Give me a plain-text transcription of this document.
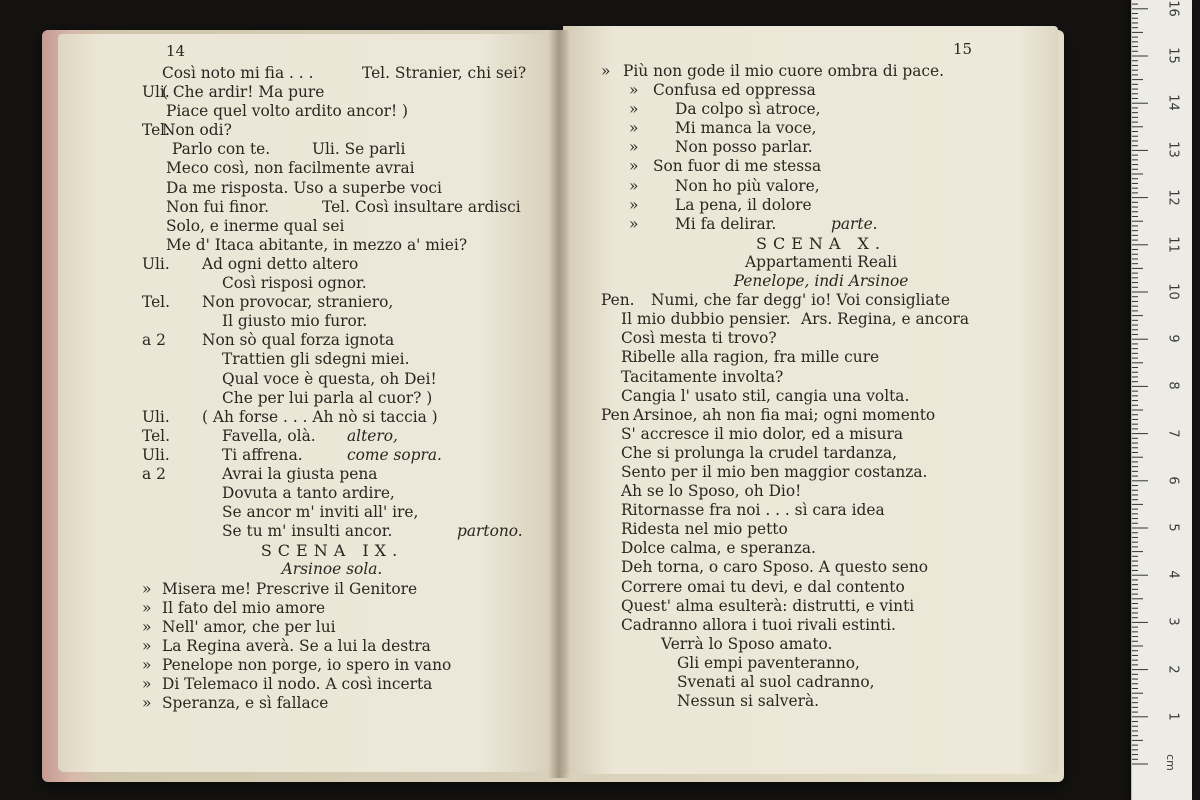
14
Così noto mi fia . . .	Tel. Stranier, chi sei?
Uli.
( Che ardir! Ma pure
Piace quel volto ardito ancor! )
Tel.
Non odi?
Parlo con te.	Uli. Se parli
Meco così, non facilmente avrai
Da me risposta. Uso a superbe voci
Non fui finor.	Tel. Così insultare ardisci
Solo, e inerme qual sei
Me d' Itaca abitante, in mezzo a' miei?
Uli. Ad ogni detto altero
Così risposi ognor.
Tel. Non provocar, straniero,
Il giusto mio furor.
a 2 Non sò qual forza ignota
Trattien gli sdegni miei.
Qual voce è questa, oh Dei!
Che per lui parla al cuor? )
Uli. ( Ah forse . . . Ah nò si taccia )
Tel.	Favella, olà. altero,
Uli.	Ti affrena.	come sopra.
a 2	Avrai la giusta pena
Dovuta a tanto ardire,
Se ancor m' inviti all' ire,
Se tu m' insulti ancor.	partono.
SCENA IX.
Arsinoe sola.
» Misera me! Prescrive il Genitore
» Il fato del mio amore
» Nell' amor, che per lui
» La Regina averà. Se a lui la destra
» Penelope non porge, io spero in vano
» Di Telemaco il nodo. A così incerta
» Speranza, e sì fallace
15
» Più non gode il mio cuore ombra di pace.
» Confusa ed oppressa
» Da colpo sì atroce,
» Mi manca la voce,
» Non posso parlar.
» Son fuor di me stessa
» Non ho più valore,
» La pena, il dolore
» Mi fa delirar.	parte.
SCENA X.
Appartamenti Reali
Penelope, indi Arsinoe
Pen. Numi, che far degg' io! Voi consigliate
Il mio dubbio pensier. Ars. Regina, e ancora
Così mesta ti trovo?
Ribelle alla ragion, fra mille cure
Tacitamente involta?
Cangia l' usato stil, cangia una volta.
Pen Arsinoe, ah non fia mai; ogni momento
S' accresce il mio dolor, ed a misura
Che si prolunga la crudel tardanza,
Sento per il mio ben maggior costanza.
Ah se lo Sposo, oh Dio!
Ritornasse fra noi . . . sì cara idea
Ridesta nel mio petto
Dolce calma, e speranza.
Deh torna, o caro Sposo. A questo seno
Correre omai tu devi, e dal contento
Quest' alma esulterà: distrutti, e vinti
Cadranno allora i tuoi rivali estinti.
Verrà lo Sposo amato.
Gli empi paventeranno,
Svenati al suol cadranno,
Nessun si salverà.
cm
1
2
3
4
5
6
7
8
9
10
11
12
13
14
15
16
